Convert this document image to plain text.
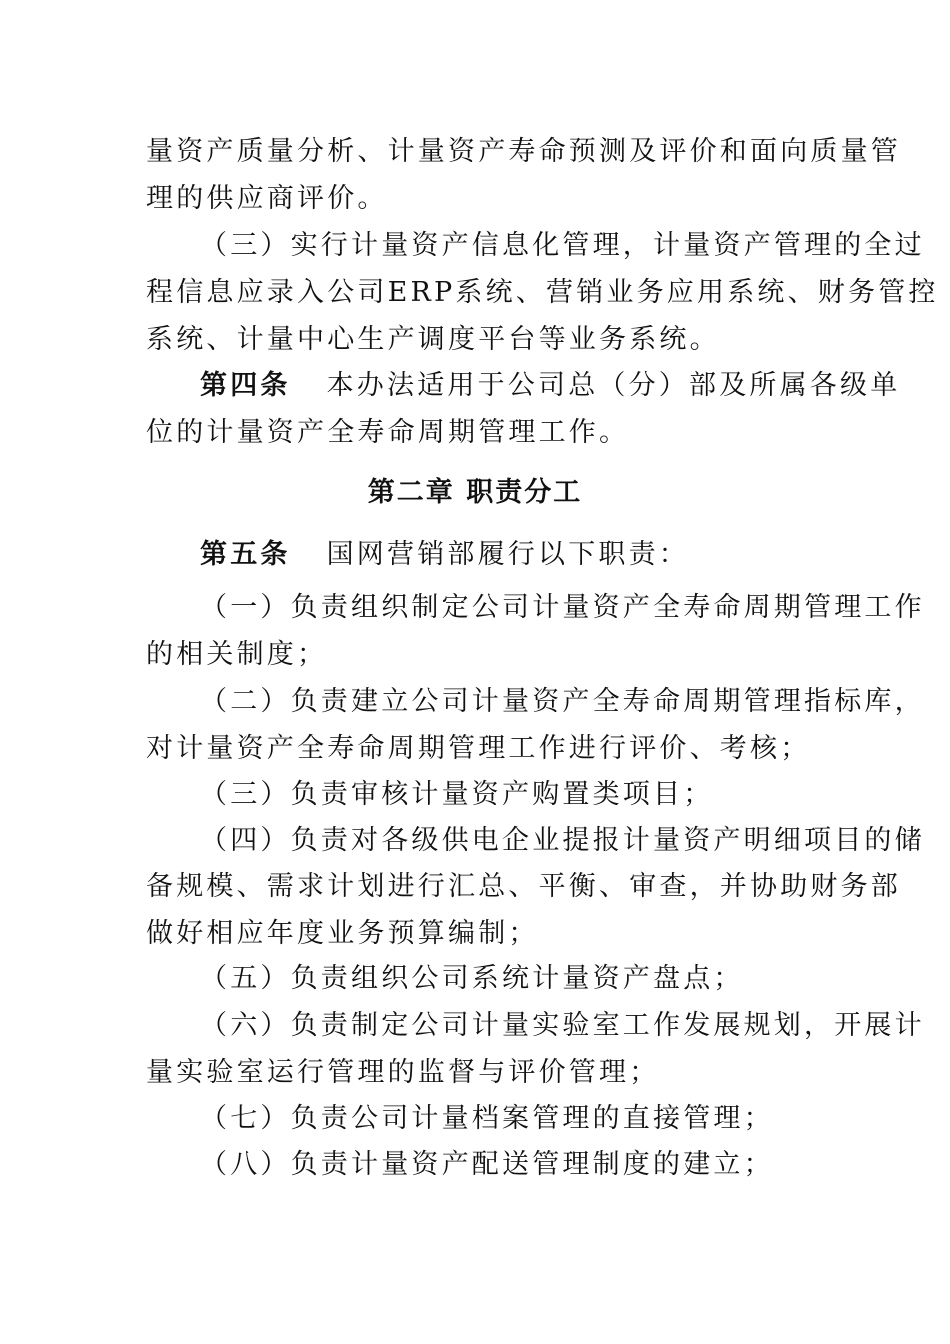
量资产质量分析、计量资产寿命预测及评价和面向质量管
理的供应商评价。
（三）实行计量资产信息化管理，计量资产管理的全过
程信息应录入公司ERP系统、营销业务应用系统、财务管控
系统、计量中心生产调度平台等业务系统。
第四条 本办法适用于公司总（分）部及所属各级单
位的计量资产全寿命周期管理工作。
第二章 职责分工
第五条 国网营销部履行以下职责：
（一）负责组织制定公司计量资产全寿命周期管理工作
的相关制度；
（二）负责建立公司计量资产全寿命周期管理指标库，
对计量资产全寿命周期管理工作进行评价、考核；
（三）负责审核计量资产购置类项目；
（四）负责对各级供电企业提报计量资产明细项目的储
备规模、需求计划进行汇总、平衡、审查，并协助财务部
做好相应年度业务预算编制；
（五）负责组织公司系统计量资产盘点；
（六）负责制定公司计量实验室工作发展规划，开展计
量实验室运行管理的监督与评价管理；
（七）负责公司计量档案管理的直接管理；
（八）负责计量资产配送管理制度的建立；
